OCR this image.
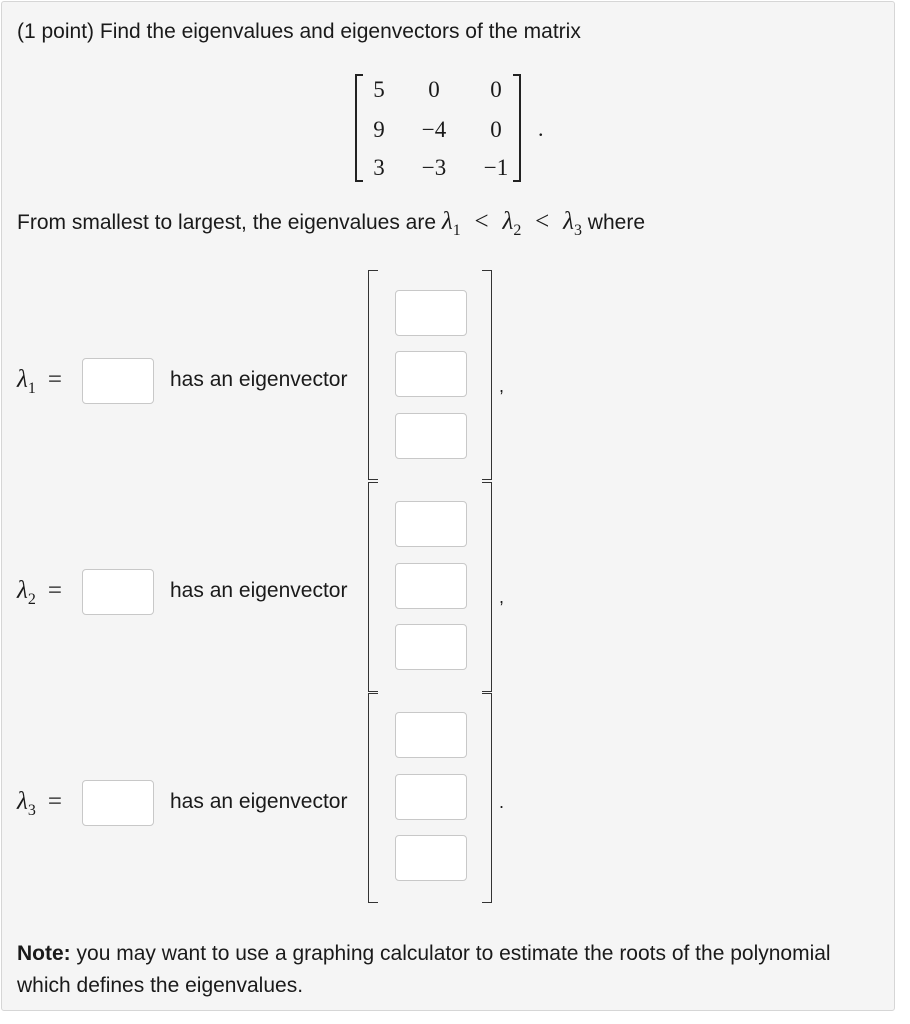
(1 point) Find the eigenvalues and eigenvectors of the matrix
5	0	0
9	−4	0
3	−3	−1
.
From smallest to largest, the eigenvalues are $\lambda_1 < \lambda_2 < \lambda_3$ where
$\lambda_1$ =	has an eigenvector	,
$\lambda_2$ =	has an eigenvector	,
$\lambda_3$ =	has an eigenvector	.
Note: you may want to use a graphing calculator to estimate the roots of the polynomial which defines the eigenvalues.
